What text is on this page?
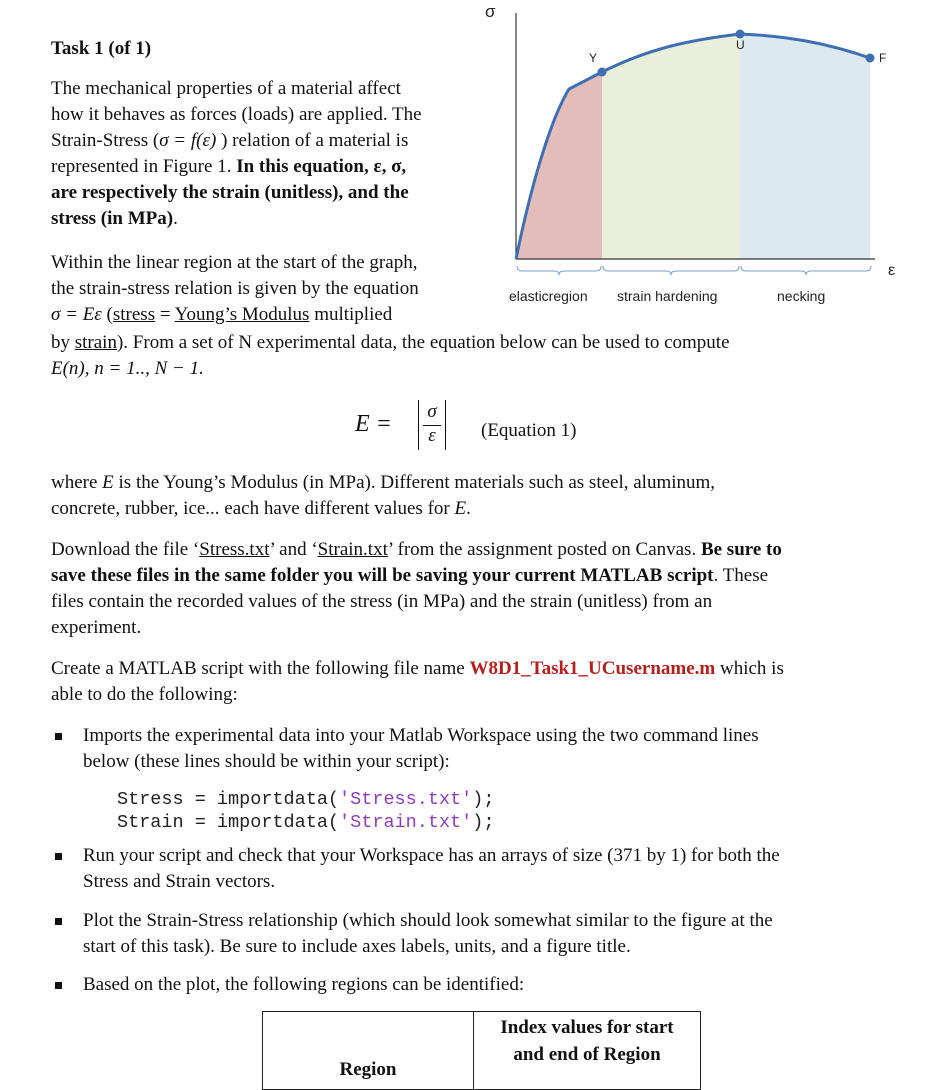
Task 1 (of 1)
The mechanical properties of a material affect
how it behaves as forces (loads) are applied. The
Strain-Stress (σ = f(ε) ) relation of a material is
represented in Figure 1. In this equation, ε, σ,
are respectively the strain (unitless), and the
stress (in MPa).
Within the linear region at the start of the graph,
the strain-stress relation is given by the equation
σ = Eε (stress = Young’s Modulus multiplied
by strain). From a set of N experimental data, the equation below can be used to compute
E(n), n = 1.., N − 1.
E =	σ
ε	(Equation 1)
where E is the Young’s Modulus (in MPa). Different materials such as steel, aluminum,
concrete, rubber, ice... each have different values for E.
Download the file ‘Stress.txt’ and ‘Strain.txt’ from the assignment posted on Canvas. Be sure to
save these files in the same folder you will be saving your current MATLAB script. These
files contain the recorded values of the stress (in MPa) and the strain (unitless) from an
experiment.
Create a MATLAB script with the following file name W8D1_Task1_UCusername.m which is
able to do the following:
Imports the experimental data into your Matlab Workspace using the two command lines
below (these lines should be within your script):
Stress = importdata('Stress.txt');
Strain = importdata('Strain.txt');
Run your script and check that your Workspace has an arrays of size (371 by 1) for both the
Stress and Strain vectors.
Plot the Strain-Stress relationship (which should look somewhat similar to the figure at the
start of this task). Be sure to include axes labels, units, and a figure title.
Based on the plot, the following regions can be identified:
Region	
Index values for start
and end of Region
σ
ε
Y
U
F
elasticregion strain hardening	necking
